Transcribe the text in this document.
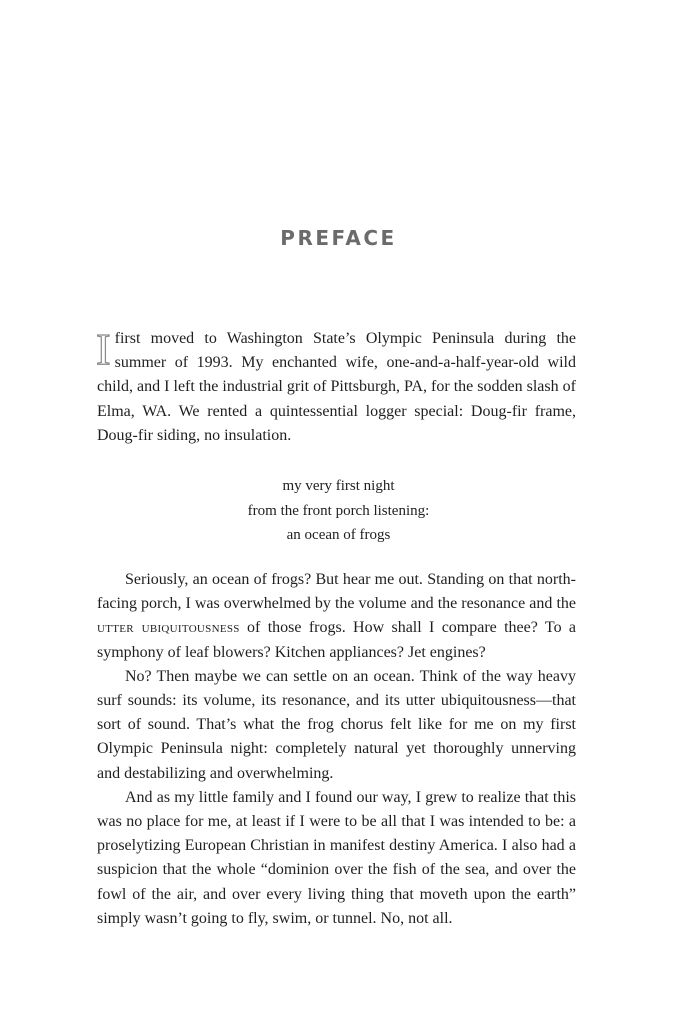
PREFACE
I first moved to Washington State’s Olympic Peninsula during the summer of 1993. My enchanted wife, one-and-a-half-year-old wild child, and I left the industrial grit of Pittsburgh, PA, for the sodden slash of Elma, WA. We rented a quintessential logger special: Doug-fir frame, Doug-fir siding, no insulation.
my very first night
from the front porch listening:
an ocean of frogs

Seriously, an ocean of frogs? But hear me out. Standing on that north-facing porch, I was overwhelmed by the volume and the resonance and the utter ubiquitousness of those frogs. How shall I compare thee? To a symphony of leaf blowers? Kitchen appliances? Jet engines?

No? Then maybe we can settle on an ocean. Think of the way heavy surf sounds: its volume, its resonance, and its utter ubiquitousness—that sort of sound. That’s what the frog chorus felt like for me on my first Olympic Peninsula night: completely natural yet thoroughly unnerving and destabilizing and overwhelming.

And as my little family and I found our way, I grew to realize that this was no place for me, at least if I were to be all that I was intended to be: a proselytizing European Christian in manifest destiny America. I also had a suspicion that the whole “dominion over the fish of the sea, and over the fowl of the air, and over every living thing that moveth upon the earth” simply wasn’t going to fly, swim, or tunnel. No, not all.
